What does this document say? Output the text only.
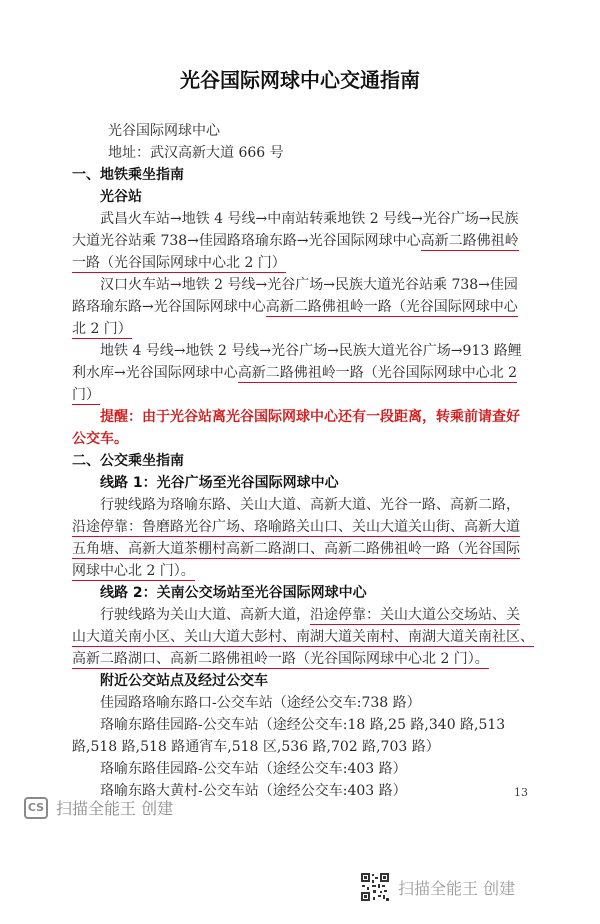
光谷国际网球中心交通指南
光谷国际网球中心
地址：武汉高新大道 666 号
一、地铁乘坐指南
光谷站
武昌火车站→地铁 4 号线→中南站转乘地铁 2 号线→光谷广场→民族
大道光谷站乘 738→佳园路珞瑜东路→光谷国际网球中心高新二路佛祖岭
一路（光谷国际网球中心北 2 门）
汉口火车站→地铁 2 号线→光谷广场→民族大道光谷站乘 738→佳园
路珞瑜东路→光谷国际网球中心高新二路佛祖岭一路（光谷国际网球中心
北 2 门）
地铁 4 号线→地铁 2 号线→光谷广场→民族大道光谷广场→913 路鲤
利水库→光谷国际网球中心高新二路佛祖岭一路（光谷国际网球中心北 2
门）
提醒：由于光谷站离光谷国际网球中心还有一段距离，转乘前请查好
公交车。
二、公交乘坐指南
线路 1：光谷广场至光谷国际网球中心
行驶线路为珞喻东路、关山大道、高新大道、光谷一路、高新二路，
沿途停靠：鲁磨路光谷广场、珞喻路关山口、关山大道关山街、高新大道
五角塘、高新大道茶棚村高新二路湖口、高新二路佛祖岭一路（光谷国际
网球中心北 2 门）。
线路 2：关南公交场站至光谷国际网球中心
行驶线路为关山大道、高新大道，沿途停靠：关山大道公交场站、关
山大道关南小区、关山大道大彭村、南湖大道关南村、南湖大道关南社区、
高新二路湖口、高新二路佛祖岭一路（光谷国际网球中心北 2 门）。
附近公交站点及经过公交车
佳园路珞喻东路口-公交车站（途经公交车:738 路）
珞喻东路佳园路-公交车站（途经公交车:18 路,25 路,340 路,513
路,518 路,518 路通宵车,518 区,536 路,702 路,703 路）
珞喻东路佳园路-公交车站（途经公交车:403 路）
珞喻东路大黄村-公交车站（途经公交车:403 路）	13
CS 扫描全能王 创建
扫描全能王 创建
